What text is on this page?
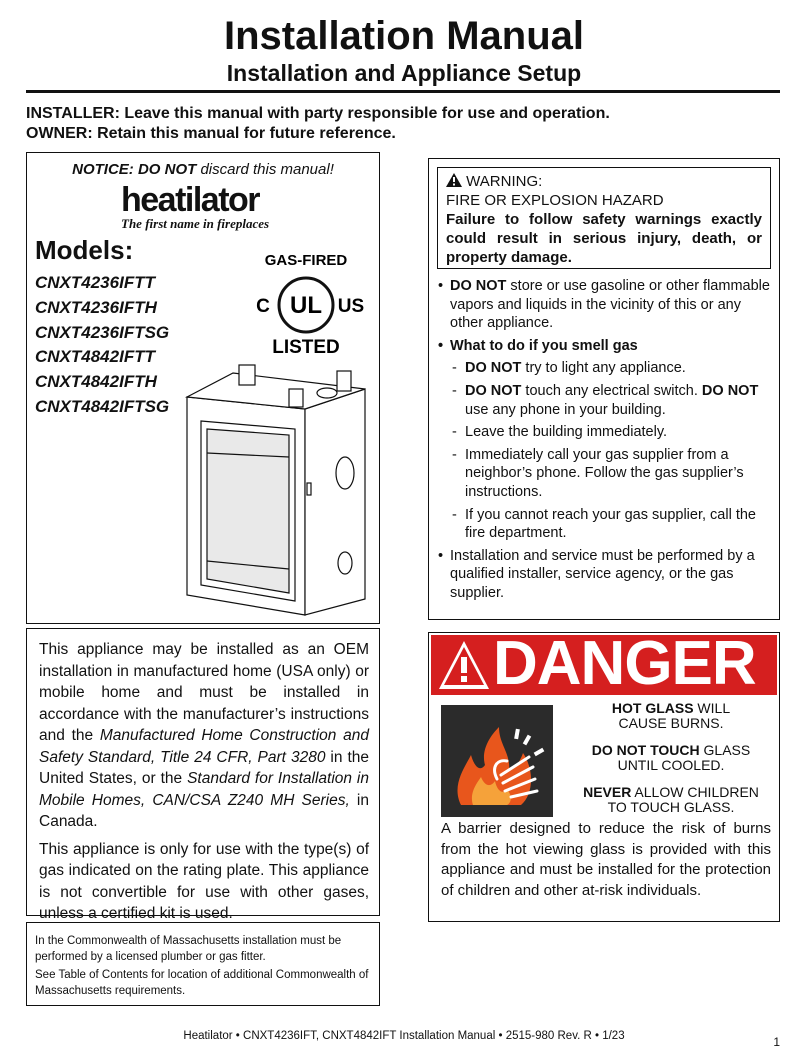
Installation Manual
Installation and Appliance Setup
INSTALLER: Leave this manual with party responsible for use and operation.
OWNER: Retain this manual for future reference.
NOTICE: DO NOT discard this manual!
heatilator
The first name in fireplaces
Models:
CNXT4236IFTT
CNXT4236IFTH
CNXT4236IFTSG
CNXT4842IFTT
CNXT4842IFTH
CNXT4842IFTSG
GAS-FIRED
UL
C	US
LISTED
WARNING:
FIRE OR EXPLOSION HAZARD
Failure to follow safety warnings exactly could result in serious injury, death, or property damage.
• DO NOT store or use gasoline or other flammable vapors and liquids in the vicinity of this or any other appliance.
• What to do if you smell gas
- DO NOT try to light any appliance.
- DO NOT touch any electrical switch. DO NOT use any phone in your building.
- Leave the building immediately.
- Immediately call your gas supplier from a neighbor’s phone. Follow the gas supplier’s instructions.
- If you cannot reach your gas supplier, call the fire department.
• Installation and service must be performed by a qualified installer, service agency, or the gas supplier.

This appliance may be installed as an OEM installation in manufactured home (USA only) or mobile home and must be installed in accordance with the manufacturer’s instructions and the Manufactured Home Construction and Safety Standard, Title 24 CFR, Part 3280 in the United States, or the Standard for Installation in Mobile Homes, CAN/CSA Z240 MH Series, in Canada.

This appliance is only for use with the type(s) of gas indicated on the rating plate. This appliance is not convertible for use with other gases, unless a certified kit is used.

In the Commonwealth of Massachusetts installation must be performed by a licensed plumber or gas fitter.

See Table of Contents for location of additional Commonwealth of Massachusetts requirements.

DANGER
HOT GLASS WILL
CAUSE BURNS.
DO NOT TOUCH GLASS
UNTIL COOLED.
NEVER ALLOW CHILDREN
TO TOUCH GLASS.
A barrier designed to reduce the risk of burns from the hot viewing glass is provided with this appliance and must be installed for the protection of children and other at-risk individuals.
Heatilator • CNXT4236IFT, CNXT4842IFT Installation Manual • 2515-980 Rev. R • 1/23	1
